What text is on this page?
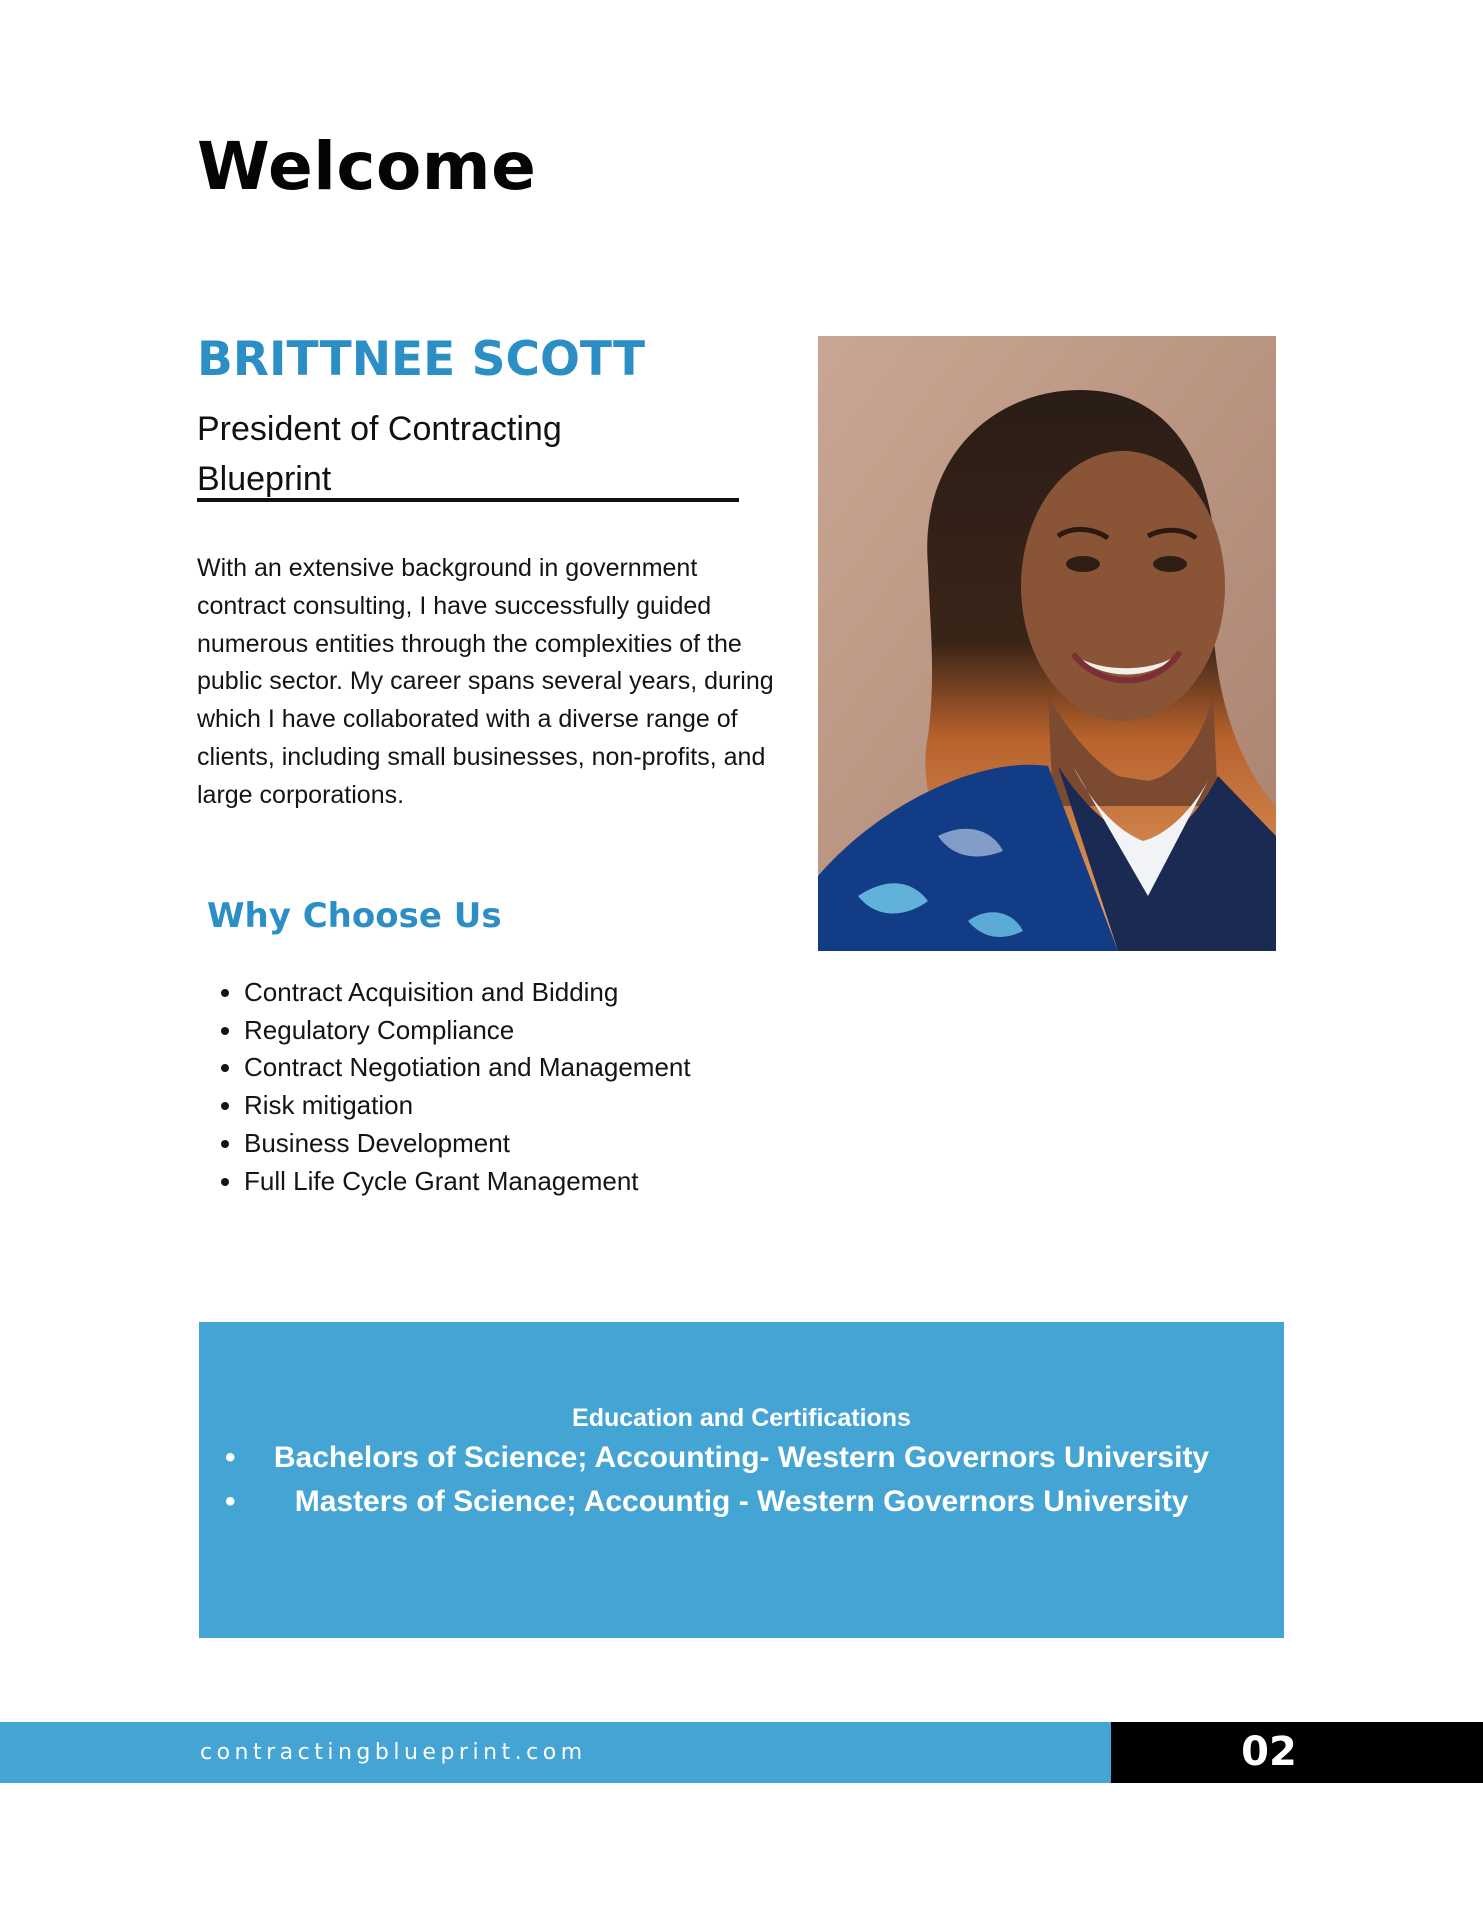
Welcome
BRITTNEE SCOTT
President of Contracting
Blueprint

With an extensive background in government contract consulting, I have successfully guided numerous entities through the complexities of the public sector. My career spans several years, during which I have collaborated with a diverse range of clients, including small businesses, non-profits, and large corporations.

Why Choose Us
• Contract Acquisition and Bidding
• Regulatory Compliance
• Contract Negotiation and Management
• Risk mitigation
• Business Development
• Full Life Cycle Grant Management
Education and Certifications
• Bachelors of Science; Accounting- Western Governors University
• Masters of Science; Accountig - Western Governors University
contractingblueprint.com	02
